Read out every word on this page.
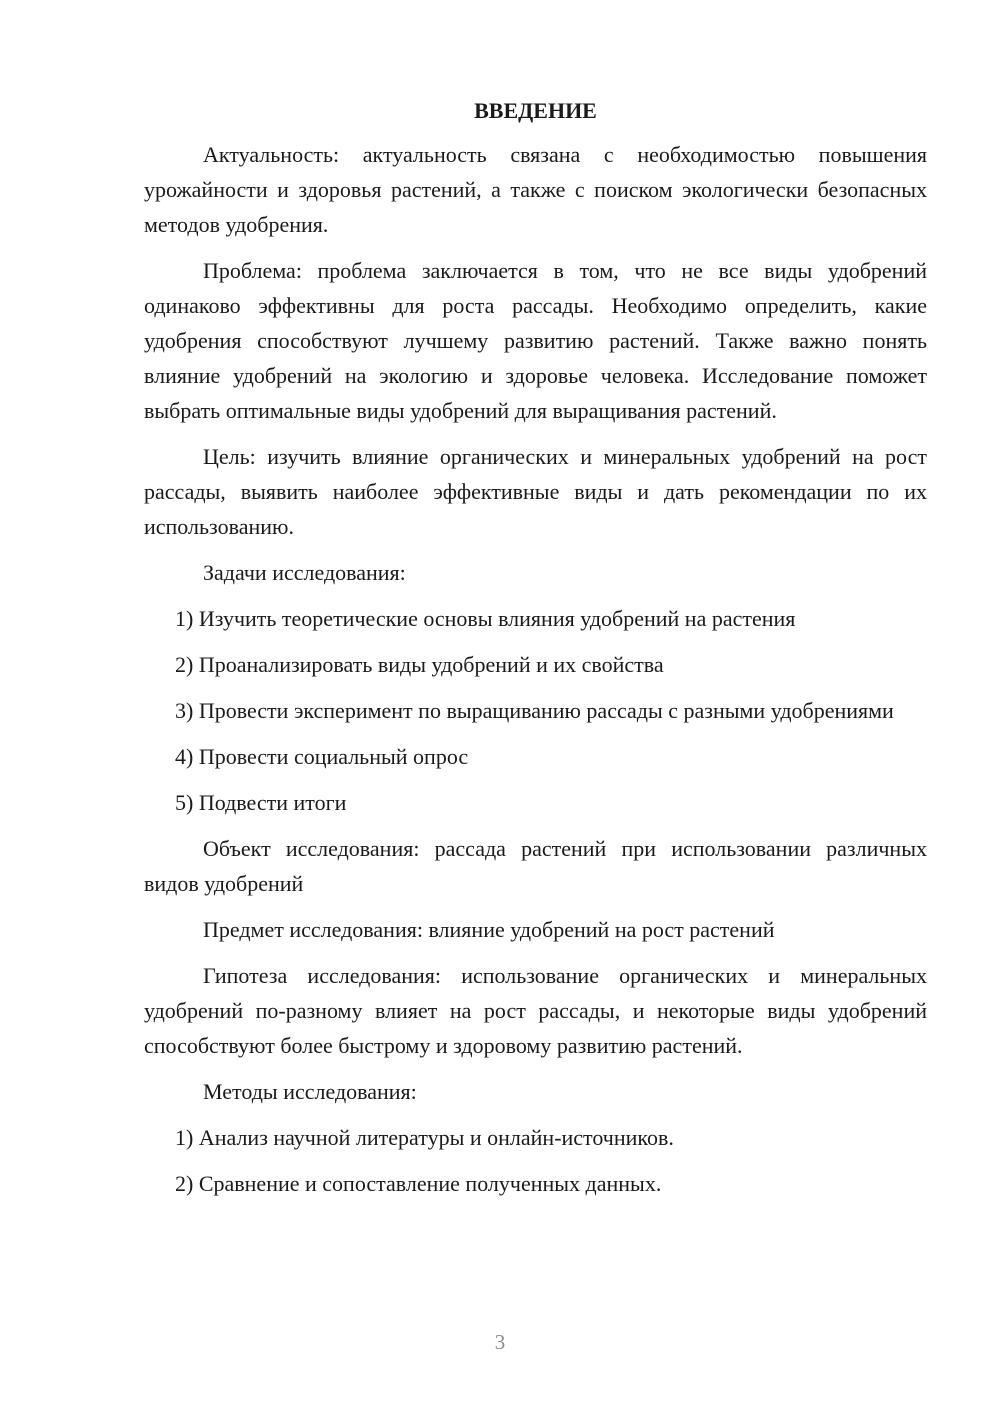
ВВЕДЕНИЕ

Актуальность: актуальность связана с необходимостью повышения урожайности и здоровья растений, а также с поиском экологически безопасных методов удобрения.

Проблема: проблема заключается в том, что не все виды удобрений одинаково эффективны для роста рассады. Необходимо определить, какие удобрения способствуют лучшему развитию растений. Также важно понять влияние удобрений на экологию и здоровье человека. Исследование поможет выбрать оптимальные виды удобрений для выращивания растений.

Цель: изучить влияние органических и минеральных удобрений на рост рассады, выявить наиболее эффективные виды и дать рекомендации по их использованию.

Задачи исследования:

1) Изучить теоретические основы влияния удобрений на растения

2) Проанализировать виды удобрений и их свойства

3) Провести эксперимент по выращиванию рассады с разными удобрениями

4) Провести социальный опрос

5) Подвести итоги

Объект исследования: рассада растений при использовании различных видов удобрений

Предмет исследования: влияние удобрений на рост растений

Гипотеза исследования: использование органических и минеральных удобрений по-разному влияет на рост рассады, и некоторые виды удобрений способствуют более быстрому и здоровому развитию растений.

Методы исследования:

1) Анализ научной литературы и онлайн-источников.

2) Сравнение и сопоставление полученных данных.

3
